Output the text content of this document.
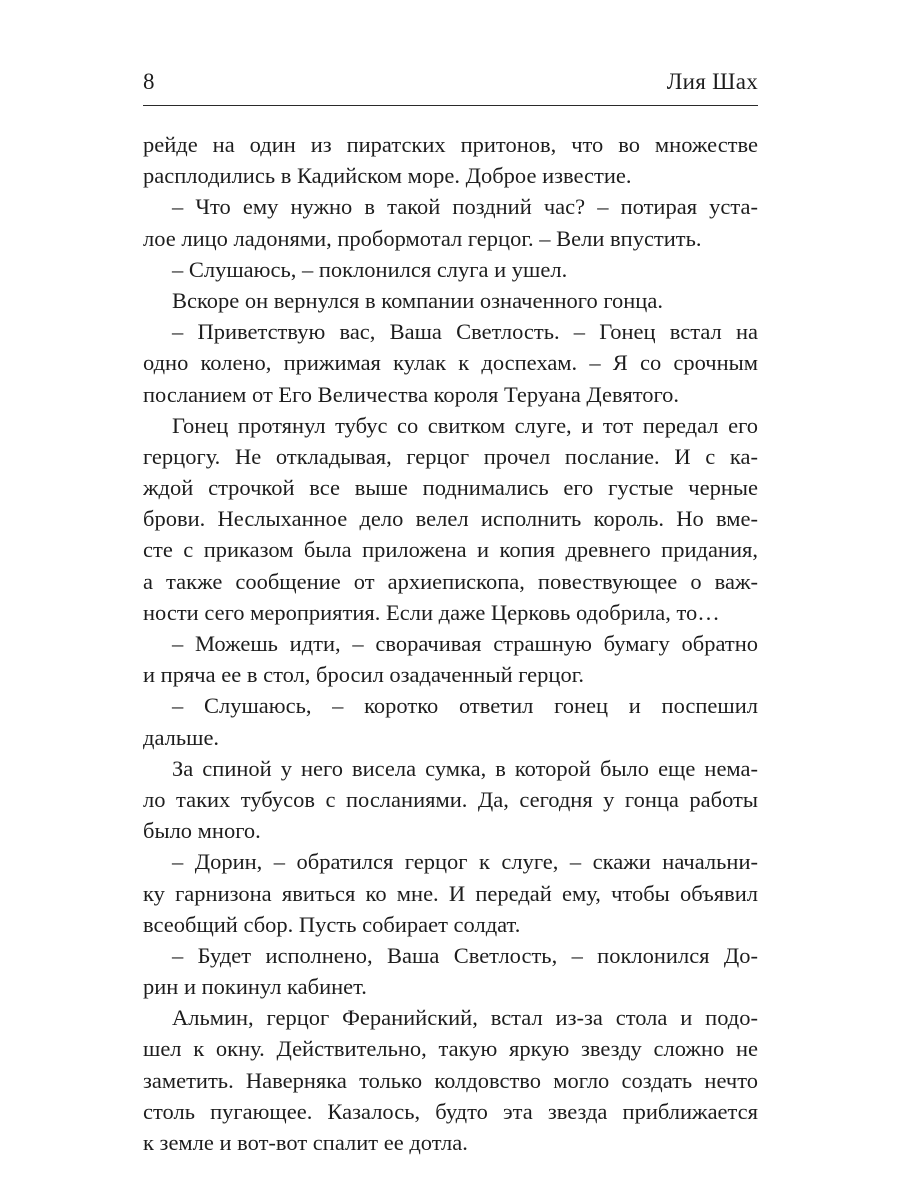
8	Лия Шах
рейде на один из пиратских притонов, что во множестве
расплодились в Кадийском море. Доброе известие.
– Что ему нужно в такой поздний час? – потирая уста-
лое лицо ладонями, пробормотал герцог. – Вели впустить.
– Слушаюсь, – поклонился слуга и ушел.
Вскоре он вернулся в компании означенного гонца.
– Приветствую вас, Ваша Светлость. – Гонец встал на
одно колено, прижимая кулак к доспехам. – Я со срочным
посланием от Его Величества короля Теруана Девятого.
Гонец протянул тубус со свитком слуге, и тот передал его
герцогу. Не откладывая, герцог прочел послание. И с ка-
ждой строчкой все выше поднимались его густые черные
брови. Неслыханное дело велел исполнить король. Но вме-
сте с приказом была приложена и копия древнего придания,
а также сообщение от архиепископа, повествующее о важ-
ности сего мероприятия. Если даже Церковь одобрила, то…
– Можешь идти, – сворачивая страшную бумагу обратно
и пряча ее в стол, бросил озадаченный герцог.
– Слушаюсь, – коротко ответил гонец и поспешил
дальше.
За спиной у него висела сумка, в которой было еще нема-
ло таких тубусов с посланиями. Да, сегодня у гонца работы
было много.
– Дорин, – обратился герцог к слуге, – скажи начальни-
ку гарнизона явиться ко мне. И передай ему, чтобы объявил
всеобщий сбор. Пусть собирает солдат.
– Будет исполнено, Ваша Светлость, – поклонился До-
рин и покинул кабинет.
Альмин, герцог Феранийский, встал из-за стола и подо-
шел к окну. Действительно, такую яркую звезду сложно не
заметить. Наверняка только колдовство могло создать нечто
столь пугающее. Казалось, будто эта звезда приближается
к земле и вот-вот спалит ее дотла.
